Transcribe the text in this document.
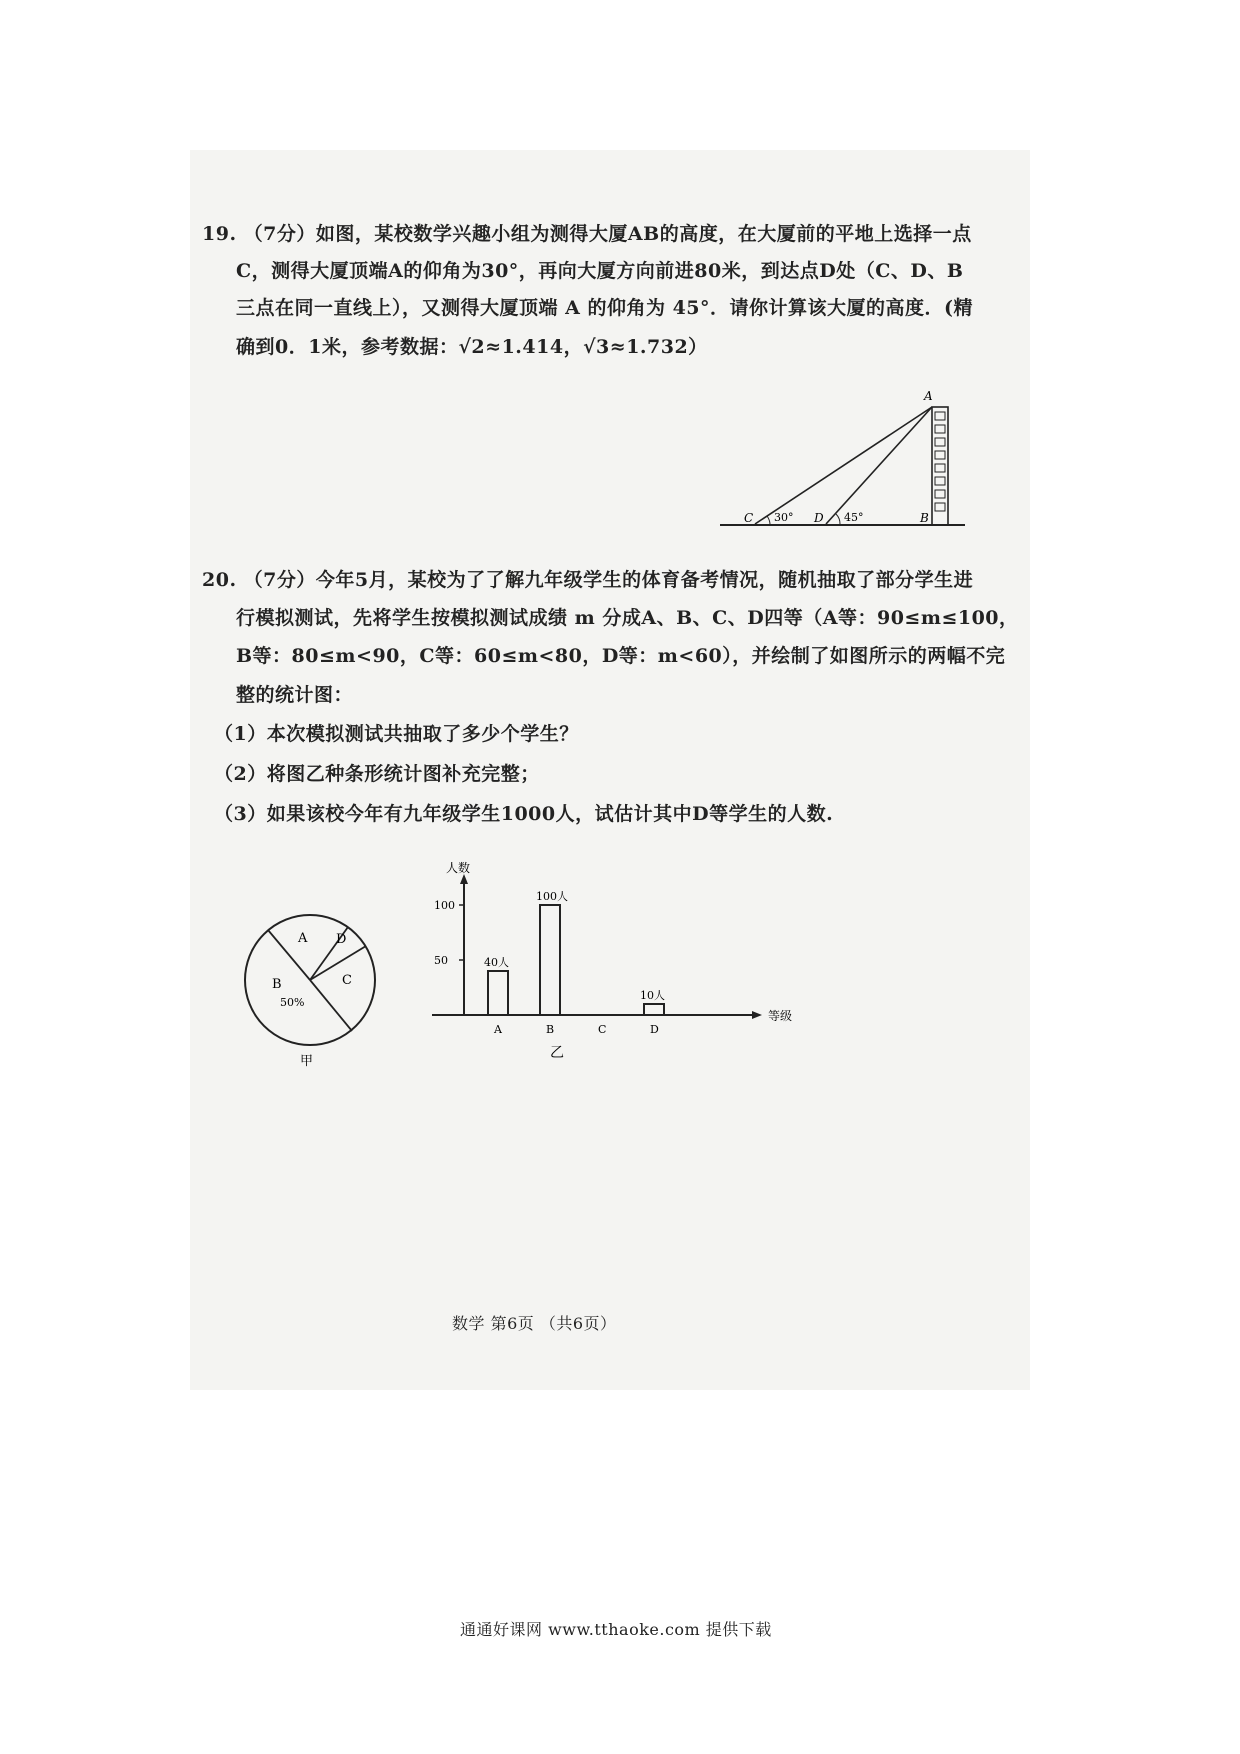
19. （7分）如图，某校数学兴趣小组为测得大厦AB的高度，在大厦前的平地上选择一点
C，测得大厦顶端A的仰角为30°，再向大厦方向前进80米，到达点D处（C、D、B
三点在同一直线上），又测得大厦顶端 A 的仰角为 45°．请你计算该大厦的高度．(精
确到0．1米，参考数据：√2≈1.414，√3≈1.732）
A
B
C	D
30°	45°
20. （7分）今年5月，某校为了了解九年级学生的体育备考情况，随机抽取了部分学生进
行模拟测试，先将学生按模拟测试成绩 m 分成A、B、C、D四等（A等：90≤m≤100，
B等：80≤m<90，C等：60≤m<80，D等：m<60），并绘制了如图所示的两幅不完
整的统计图：
（1）本次模拟测试共抽取了多少个学生？
（2）将图乙种条形统计图补充完整；
（3）如果该校今年有九年级学生1000人，试估计其中D等学生的人数.
A D
C
B
50%
甲
人数
等级
乙
50
100
40人
A
100人
B	C
10人
D
数学 第6页 （共6页）
通通好课网 www.tthaoke.com 提供下载
